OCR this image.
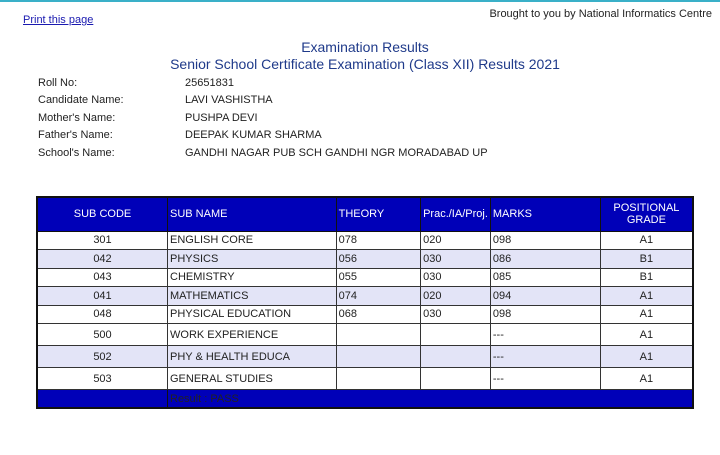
Print this page	Brought to you by National Informatics Centre
Examination Results
Senior School Certificate Examination (Class XII) Results 2021
Roll No:	25651831
Candidate Name:	LAVI VASHISTHA
Mother's Name:	PUSHPA DEVI
Father's Name:	DEEPAK KUMAR SHARMA
School's Name:	GANDHI NAGAR PUB SCH GANDHI NGR MORADABAD UP
SUB CODE	SUB NAME	THEORY	Prac./IA/Proj.	MARKS	POSITIONAL GRADE
301	ENGLISH CORE	078	020	098	A1
042	PHYSICS	056	030	086	B1
043	CHEMISTRY	055	030	085	B1
041	MATHEMATICS	074	020	094	A1
048	PHYSICAL EDUCATION	068	030	098	A1
500	WORK EXPERIENCE			---	A1
502	PHY & HEALTH EDUCA			---	A1
503	GENERAL STUDIES			---	A1
	Result : PASS				
